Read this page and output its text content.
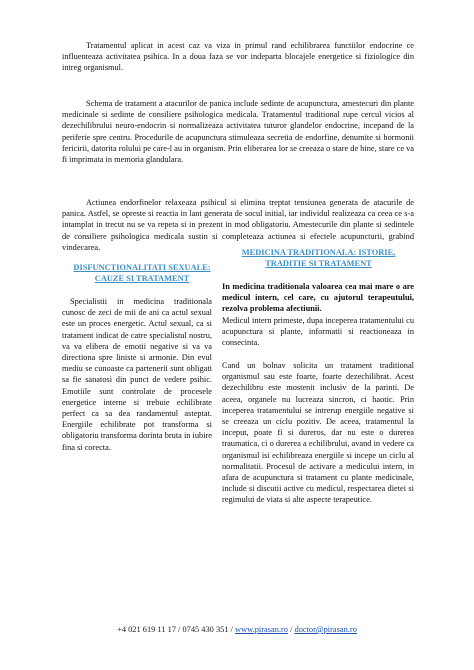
Tratamentul aplicat in acest caz va viza in primul rand echilibrarea functiilor endocrine ce influenteaza activitatea psihica. In a doua faza se vor indeparta blocajele energetice si fiziologice din intreg organismul.

Schema de tratament a atacurilor de panica include sedinte de acupunctura, amestecuri din plante medicinale si sedinte de consiliere psihologica medicala. Tratamentul traditional rupe cercul vicios al dezechilibrului neuro-endocrin si normalizeaza activitatea tuturor glandelor endocrine, incepand de la periferie spre centru. Procedurile de acupunctura stimuleaza secretia de endorfine, denumite si hormonii fericirii, datorita rolului pe care-l au in organism. Prin eliberarea lor se creeaza o stare de bine, stare ce va fi imprimata in memoria glandulara.

Actiunea endorfinelor relaxeaza psihicul si elimina treptat tensiunea generata de atacurile de panica. Astfel, se opreste si reactia in lant generata de socul initial, iar individul realizeaza ca ceea ce s-a intamplat in trecut nu se va repeta si in prezent in mod obligatoriu. Amestecurile din plante si sedintele de consiliere psihologica medicala sustin si completeaza actiunea si efectele acupuncturii, grabind vindecarea.

DISFUNCTIONALITATI SEXUALE:
CAUZE SI TRATAMENT
MEDICINA TRADITIONALA: ISTORIE,
TRADITIE SI TRATAMENT

Specialistii in medicina traditionala cunosc de zeci de mii de ani ca actul sexual este un proces energetic. Actul sexual, ca si tratament indicat de catre specialistul nostru, va va elibera de emotii negative si va va directiona spre liniste si armonie. Din evul mediu se cunoaste ca partenerii sunt obligati sa fie sanatosi din punct de vedere psihic. Emotiile sunt controlate de procesele energetice interne si trebuie echilibrate perfect ca sa dea randamentul asteptat. Energiile echilibrate pot transforma si obligatoriu transforma dorinta bruta in iubire fina si corecta.

In medicina traditionala valoarea cea mai mare o are medicul intern, cel care, cu ajutorul terapeutului, rezolva problema afectiunii.
Medicul intern primeste, dupa inceperea tratamentului cu acupunctura si plante, informatii si reactioneaza in consecinta.

Cand un bolnav solicita un tratament traditional organismul sau este foarte, foarte dezechilibrat. Acest dezechilibru este mostenit inclusiv de la parinti. De aceea, organele nu lucreaza sincron, ci haotic. Prin inceperea tratamentului se intrerup energiile negative si se creeaza un ciclu pozitiv. De aceea, tratamentul la inceput, poate fi si dureros, dar nu este o durerea traumatica, ci o durerea a echilibrului, avand in vedere ca organismul isi echilibreaza energiile si incepe un ciclu al normalitatii. Procesul de activare a medicului intern, in afara de acupunctura si tratament cu plante medicinale, include si discutii active cu medicul, respectarea dietei si regimului de viata si alte aspecte terapeutice.

+4 021 619 11 17 / 0745 430 351 / www.pirasan.ro / doctor@pirasan.ro
